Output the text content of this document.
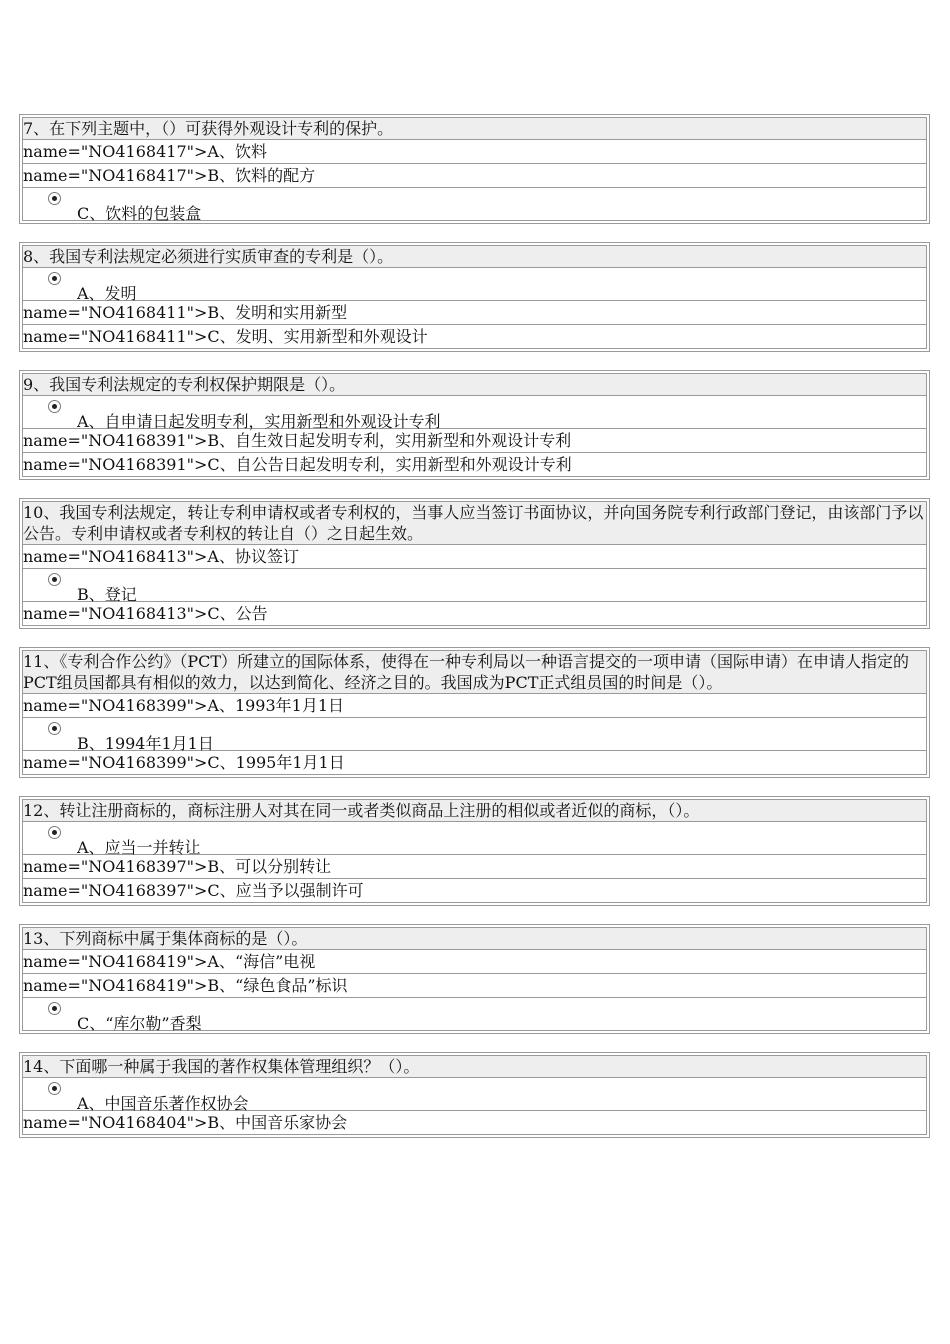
7、在下列主题中，（）可获得外观设计专利的保护。
name="NO4168417">A、饮料
name="NO4168417">B、饮料的配方

C、饮料的包装盒
8、我国专利法规定必须进行实质审查的专利是（）。

A、发明
name="NO4168411">B、发明和实用新型
name="NO4168411">C、发明、实用新型和外观设计
9、我国专利法规定的专利权保护期限是（）。

A、自申请日起发明专利，实用新型和外观设计专利
name="NO4168391">B、自生效日起发明专利，实用新型和外观设计专利
name="NO4168391">C、自公告日起发明专利，实用新型和外观设计专利
10、我国专利法规定，转让专利申请权或者专利权的，当事人应当签订书面协议，并向国务院专利行政部门登记，由该部门予以公告。专利申请权或者专利权的转让自（）之日起生效。
name="NO4168413">A、协议签订

B、登记
name="NO4168413">C、公告
11、《专利合作公约》（PCT）所建立的国际体系，使得在一种专利局以一种语言提交的一项申请（国际申请）在申请人指定的PCT组员国都具有相似的效力，以达到简化、经济之目的。我国成为PCT正式组员国的时间是（）。
name="NO4168399">A、1993年1月1日

B、1994年1月1日
name="NO4168399">C、1995年1月1日
12、转让注册商标的，商标注册人对其在同一或者类似商品上注册的相似或者近似的商标，（）。

A、应当一并转让
name="NO4168397">B、可以分别转让
name="NO4168397">C、应当予以强制许可
13、下列商标中属于集体商标的是（）。
name="NO4168419">A、“海信”电视
name="NO4168419">B、“绿色食品”标识

C、“库尔勒”香梨
14、下面哪一种属于我国的著作权集体管理组织？（）。

A、中国音乐著作权协会
name="NO4168404">B、中国音乐家协会
